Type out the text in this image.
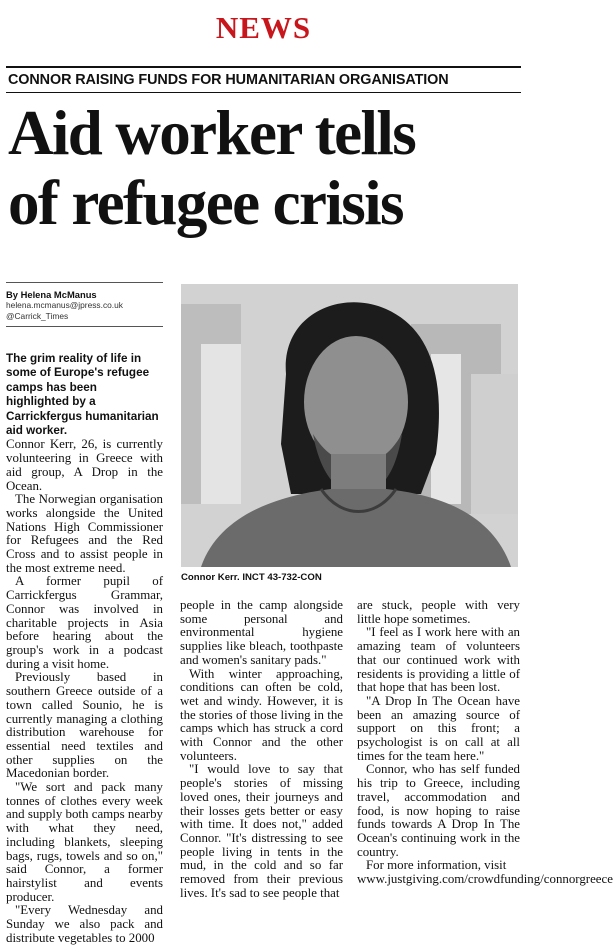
NEWS
CONNOR RAISING FUNDS FOR HUMANITARIAN ORGANISATION
Aid worker tells
of refugee crisis
By Helena McManus
helena.mcmanus@jpress.co.uk
@Carrick_Times
Connor Kerr. INCT 43-732-CON

The grim reality of life in some of Europe's refugee camps has been highlighted by a Carrickfergus humanitarian aid worker.

Connor Kerr, 26, is currently volunteering in Greece with aid group, A Drop in the Ocean.

The Norwegian organisation works alongside the United Nations High Commissioner for Refugees and the Red Cross and to assist people in the most extreme need.

A former pupil of Carrickfergus Grammar, Connor was involved in charitable projects in Asia before hearing about the group's work in a podcast during a visit home.

Previously based in southern Greece outside of a town called Sounio, he is currently managing a clothing distribution warehouse for essential need textiles and other supplies on the Macedonian border.

"We sort and pack many tonnes of clothes every week and supply both camps nearby with what they need, including blankets, sleeping bags, rugs, towels and so on," said Connor, a former hairstylist and events producer.

"Every Wednesday and Sunday we also pack and distribute vegetables to 2000

people in the camp alongside some personal and environmental hygiene supplies like bleach, toothpaste and women's sanitary pads."

With winter approaching, conditions can often be cold, wet and windy. However, it is the stories of those living in the camps which has struck a cord with Connor and the other volunteers.

"I would love to say that people's stories of missing loved ones, their journeys and their losses gets better or easy with time. It does not," added Connor. "It's distressing to see people living in tents in the mud, in the cold and so far removed from their previous lives. It's sad to see people that

are stuck, people with very little hope sometimes.

"I feel as I work here with an amazing team of volunteers that our continued work with residents is providing a little of that hope that has been lost.

"A Drop In The Ocean have been an amazing source of support on this front; a psychologist is on call at all times for the team here."

Connor, who has self funded his trip to Greece, including travel, accommodation and food, is now hoping to raise funds towards A Drop In The Ocean's continuing work in the country.

For more information, visit www.justgiving.com/crowdfunding/connorgreece
